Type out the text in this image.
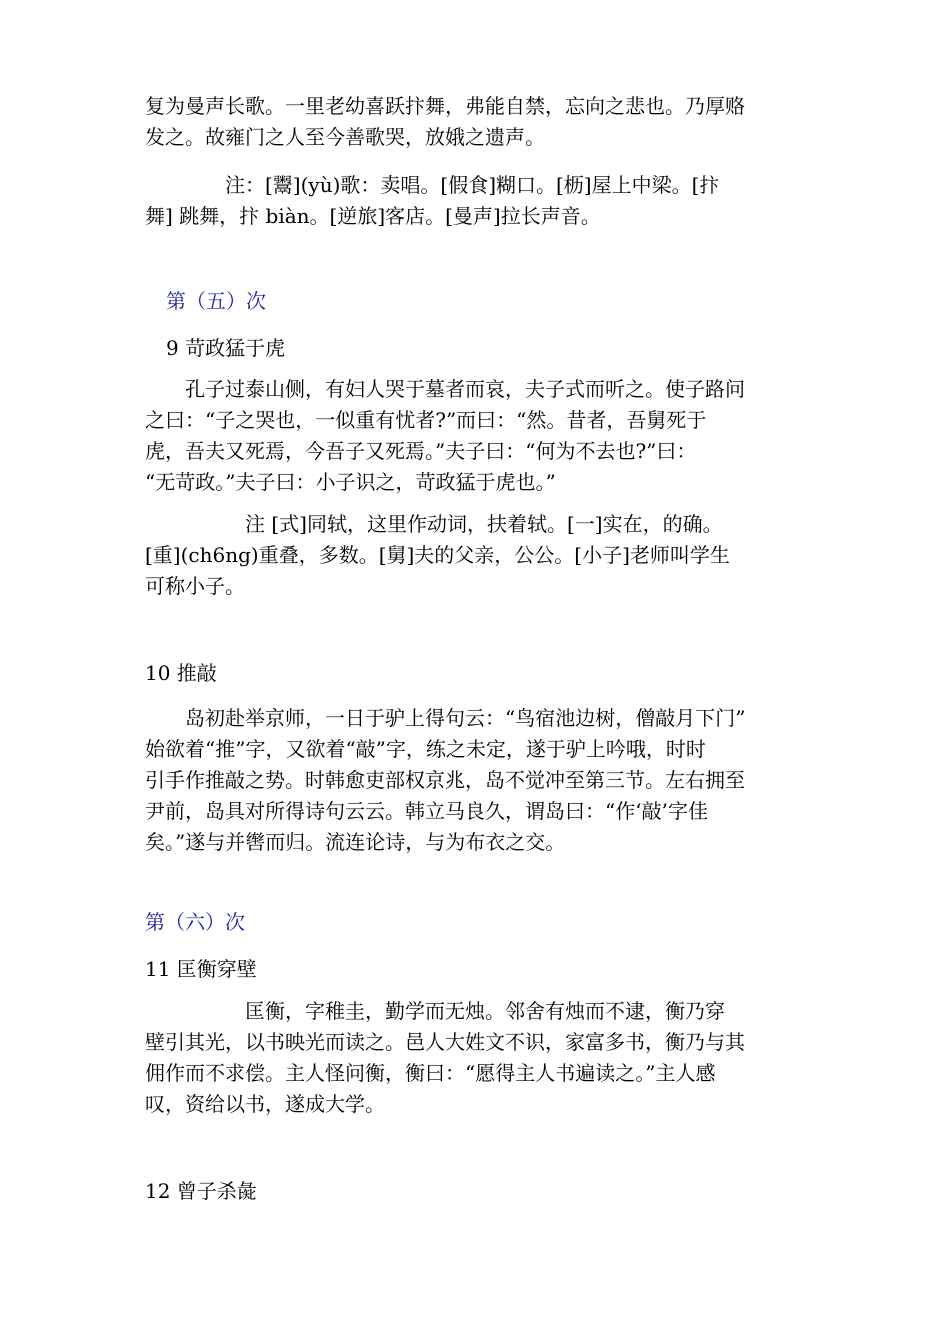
复为曼声长歌。一里老幼喜跃抃舞，弗能自禁，忘向之悲也。乃厚赂
发之。故雍门之人至今善歌哭，放娥之遗声。
　　　　注：[鬻](yù)歌：卖唱。[假食]糊口。[枥]屋上中梁。[抃
舞] 跳舞，抃 biàn。[逆旅]客店。[曼声]拉长声音。
第（五）次
9 苛政猛于虎
　　孔子过泰山侧，有妇人哭于墓者而哀，夫子式而听之。使子路问
之曰：“子之哭也，一似重有忧者?”而曰：“然。昔者，吾舅死于
虎，吾夫又死焉，今吾子又死焉。”夫子曰：“何为不去也?”曰：
“无苛政。”夫子曰：小子识之，苛政猛于虎也。”
　　　　　注 [式]同轼，这里作动词，扶着轼。[一]实在，的确。
[重](ch6ng)重叠，多数。[舅]夫的父亲，公公。[小子]老师叫学生
可称小子。
10 推敲
　　岛初赴举京师，一日于驴上得句云：“鸟宿池边树，僧敲月下门”
始欲着“推”字，又欲着“敲”字，练之未定，遂于驴上吟哦，时时
引手作推敲之势。时韩愈吏部权京兆，岛不觉冲至第三节。左右拥至
尹前，岛具对所得诗句云云。韩立马良久，谓岛曰：“作‘敲’字佳
矣。”遂与并辔而归。流连论诗，与为布衣之交。
第（六）次
11 匡衡穿壁
　　　　　匡衡，字稚圭，勤学而无烛。邻舍有烛而不逮，衡乃穿
壁引其光，以书映光而读之。邑人大姓文不识，家富多书，衡乃与其
佣作而不求偿。主人怪问衡，衡曰：“愿得主人书遍读之。”主人感
叹，资给以书，遂成大学。
12 曾子杀彘
